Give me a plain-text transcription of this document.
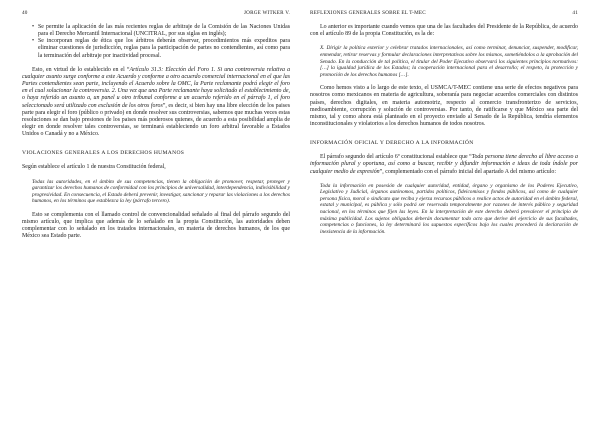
40	JORGE WITKER V.
• Se permite la aplicación de las más recientes reglas de arbitraje de la Comisión de las Naciones Unidas para el Derecho Mercantil Internacional (UNCITRAL, por sus siglas en inglés);
• Se incorporan reglas de ética que los árbitros deberán observar, procedimientos más expeditos para eliminar cuestiones de jurisdicción, reglas para la participación de partes no contendientes, así como para la terminación del arbitraje por inactividad procesal.

Esto, en virtud de lo establecido en el “Artículo 31.3: Elección del Foro 1. Si una controversia relativa a cualquier asunto surge conforme a este Acuerdo y conforme a otro acuerdo comercial internacional en el que las Partes contendientes sean parte, incluyendo el Acuerdo sobre la OMC, la Parte reclamante podrá elegir el foro en el cual solucionar la controversia. 2. Una vez que una Parte reclamante haya solicitado el establecimiento de, o haya referido un asunto a, un panel u otro tribunal conforme a un acuerdo referido en el párrafo 1, el foro seleccionado será utilizado con exclusión de los otros foros”, es decir, si bien hay una libre elección de los paises parte para elegir el foro (público o privado) en donde resolver sus controversias, sabemos que muchas veces estas resoluciones se dan bajo presiones de los paises más poderosos quienes, de acuerdo a esta posibilidad amplia de elegir en donde resolver tales controversias, se terminará estableciendo un foro arbitral favorable a Estados Unidos o Canadá y no a México.

VIOLACIONES GENERALES A LOS DERECHOS HUMANOS

Según establece el artículo 1 de nuestra Constitución federal,

Todas las autoridades, en el ámbito de sus competencias, tienen la obligación de promover, respetar, proteger y garantizar los derechos humanos de conformidad con los principios de universalidad, interdependencia, indivisibilidad y progresividad. En consecuencia, el Estado deberá prevenir, investigar, sancionar y reparar las violaciones a los derechos humanos, en los términos que establezca la ley (párrafo tercero).

Esto se complementa con el llamado control de convencionalidad señalado al final del párrafo segundo del mismo artículo, que implica que además de lo señalado en la propia Constitución, las autoridades deben complementar con lo señalado en los tratados internacionales, en materia de derechos humanos, de los que México sea Estado parte.

REFLEXIONES GENERALES SOBRE EL T-MEC	41

Lo anterior es importante cuando vemos que una de las facultades del Presidente de la República, de acuerdo con el artículo 89 de la propia Constitución, es la de:

X. Dirigir la política exterior y celebrar tratados internacionales, así como terminar, denunciar, suspender, modificar, enmendar, retirar reservas y formular declaraciones interpretativas sobre los mismos, sometiéndolos a la aprobación del Senado. En la conducción de tal política, el titular del Poder Ejecutivo observará los siguientes principios normativos: […] la igualdad jurídica de los Estados; la cooperación internacional para el desarrollo; el respeto, la protección y promoción de los derechos humanos […].

Como hemos visto a lo largo de este texto, el USMCA/T-MEC contiene una serie de efectos negativos para nosotros como mexicanos en materia de agricultura, soberanía para negociar acuerdos comerciales con distintos países, derechos digitales, en materia automotriz, respecto al comercio transfronterizo de servicios, medioambiente, corrupción y solución de controversias. Por tanto, de ratificarse y que México sea parte del mismo, tal y como ahora está planteado en el proyecto enviado al Senado de la República, tendría elementos inconstitucionales y violatorios a los derechos humanos de todos nosotros.

INFORMACIÓN OFICIAL Y DERECHO A LA INFORMACIÓN

El párrafo segundo del artículo 6º constitucional establece que “Toda persona tiene derecho al libre acceso a información plural y oportuna, así como a buscar, recibir y difundir información e ideas de toda índole por cualquier medio de expresión”, complementado con el párrafo inicial del apartado A del mismo artículo:

Toda la información en posesión de cualquier autoridad, entidad, órgano y organismo de los Poderes Ejecutivo, Legislativo y Judicial, órganos autónomos, partidos políticos, fideicomisos y fondos públicos, así como de cualquier persona física, moral o sindicato que reciba y ejerza recursos públicos o realice actos de autoridad en el ámbito federal, estatal y municipal, es pública y sólo podrá ser reservada temporalmente por razones de interés público y seguridad nacional, en los términos que fijen las leyes. En la interpretación de este derecho deberá prevalecer el principio de máxima publicidad. Los sujetos obligados deberán documentar todo acto que derive del ejercicio de sus facultades, competencias o funciones, la ley determinará los supuestos específicos bajo los cuales procederá la declaración de inexistencia de la información.
